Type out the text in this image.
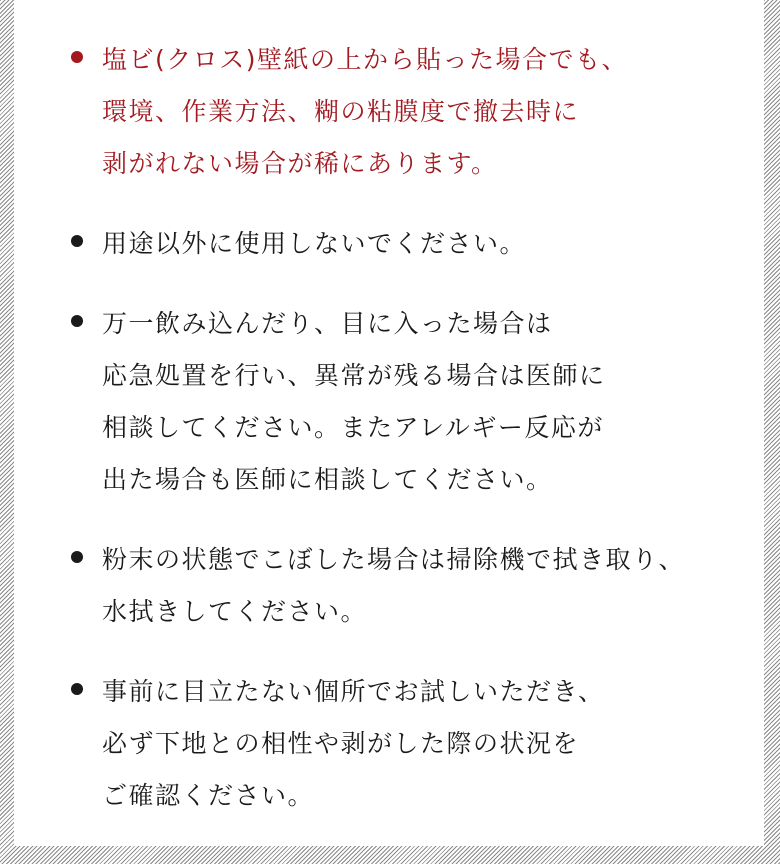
塩ビ(クロス)壁紙の上から貼った場合でも、
環境、作業方法、糊の粘膜度で撤去時に
剥がれない場合が稀にあります。
用途以外に使用しないでください。
万一飲み込んだり、目に入った場合は
応急処置を行い、異常が残る場合は医師に
相談してください。またアレルギー反応が
出た場合も医師に相談してください。
粉末の状態でこぼした場合は掃除機で拭き取り、
水拭きしてください。
事前に目立たない個所でお試しいただき、
必ず下地との相性や剥がした際の状況を
ご確認ください。
